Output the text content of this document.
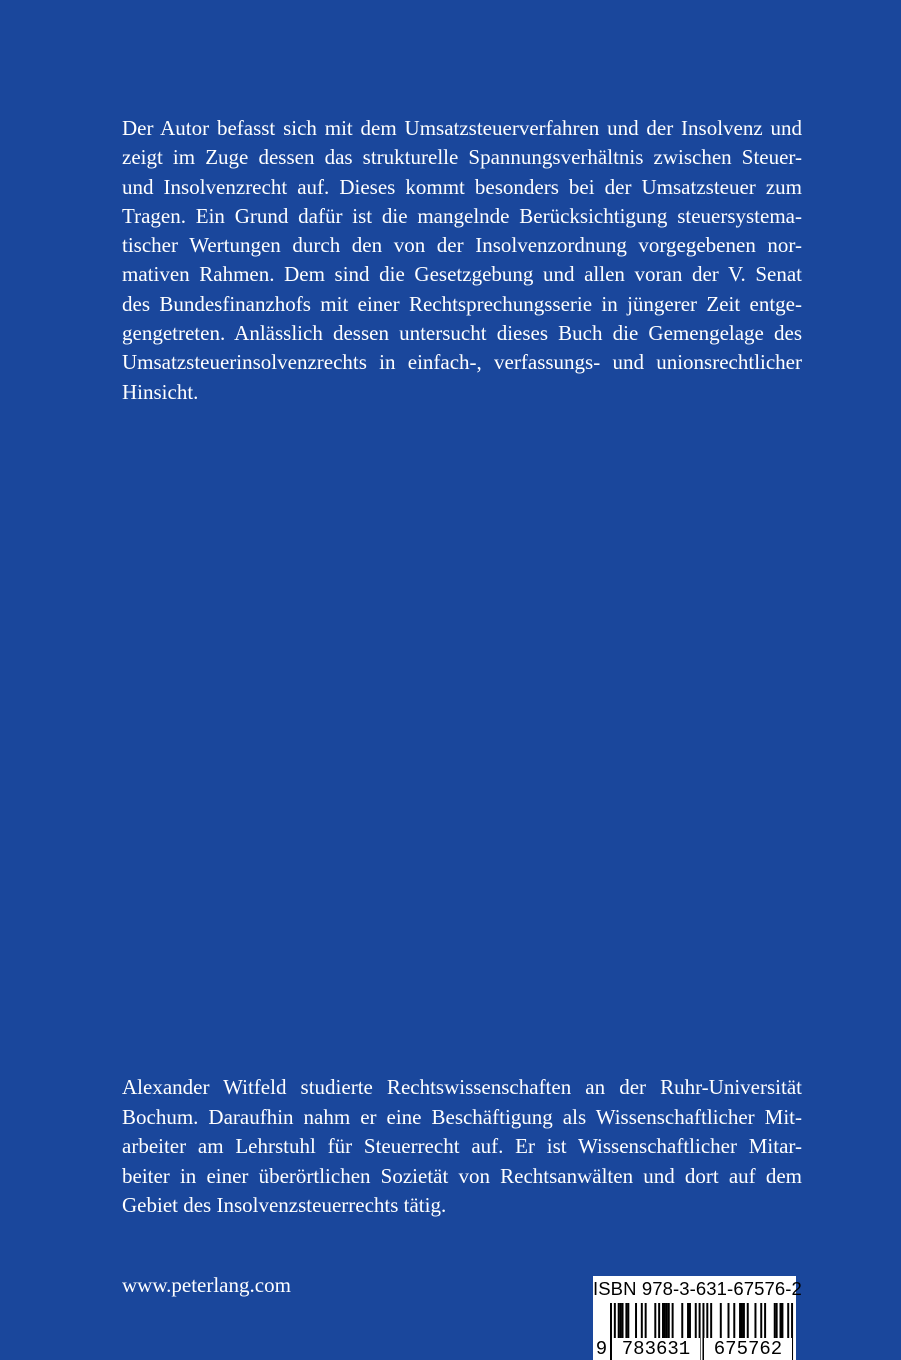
Der Autor befasst sich mit dem Umsatzsteuerverfahren und der Insolvenz und
zeigt im Zuge dessen das strukturelle Spannungsverhältnis zwischen Steuer-
und Insolvenzrecht auf. Dieses kommt besonders bei der Umsatzsteuer zum
Tragen. Ein Grund dafür ist die mangelnde Berücksichtigung steuersystema-
tischer Wertungen durch den von der Insolvenzordnung vorgegebenen nor-
mativen Rahmen. Dem sind die Gesetzgebung und allen voran der V. Senat
des Bundesfinanzhofs mit einer Rechtsprechungsserie in jüngerer Zeit entge-
gengetreten. Anlässlich dessen untersucht dieses Buch die Gemengelage des
Umsatzsteuerinsolvenzrechts in einfach-, verfassungs- und unionsrechtlicher
Hinsicht.
Alexander Witfeld studierte Rechtswissenschaften an der Ruhr-Universität
Bochum. Daraufhin nahm er eine Beschäftigung als Wissenschaftlicher Mit-
arbeiter am Lehrstuhl für Steuerrecht auf. Er ist Wissenschaftlicher Mitar-
beiter in einer überörtlichen Sozietät von Rechtsanwälten und dort auf dem
Gebiet des Insolvenzsteuerrechts tätig.

www.peterlang.com	ISBN 978-3-631-67576-2
9 783631	675762
